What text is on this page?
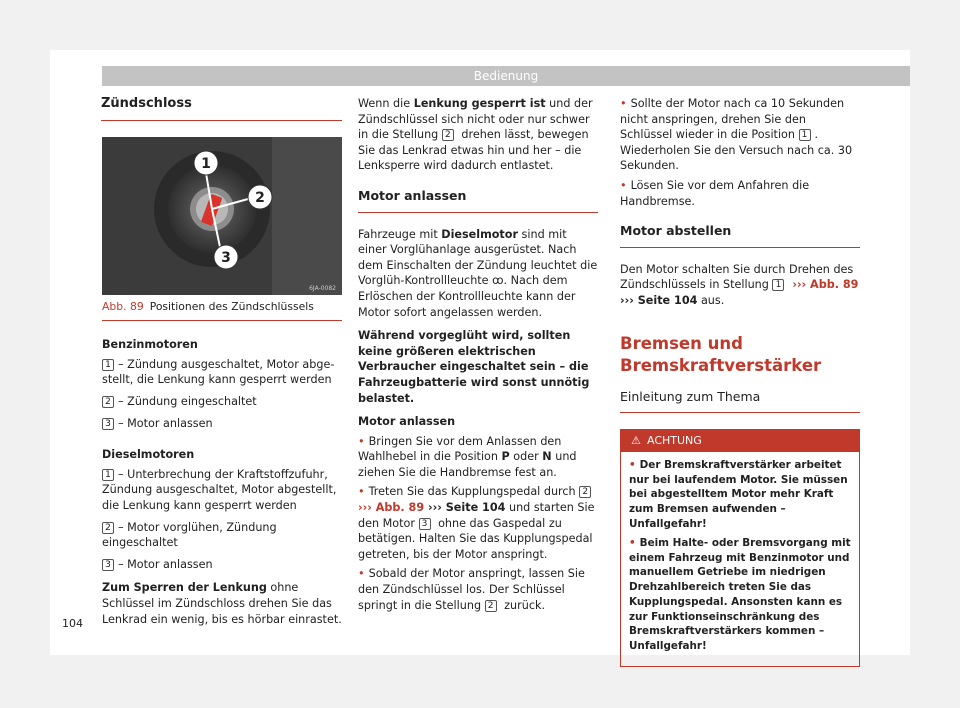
Bedienung
Zündschloss
1
2
3
6JA-0082
Abb. 89 Positionen des Zündschlüssels
Benzinmotoren
1 – Zündung ausgeschaltet, Motor abgestellt, die Lenkung kann gesperrt werden
2 – Zündung eingeschaltet
3 – Motor anlassen
Dieselmotoren
1 – Unterbrechung der Kraftstoffzufuhr, Zündung ausgeschaltet, Motor abgestellt, die Lenkung kann gesperrt werden
2 – Motor vorglühen, Zündung eingeschaltet
3 – Motor anlassen

Zum Sperren der Lenkung ohne Schlüssel im Zündschloss drehen Sie das Lenkrad ein wenig, bis es hörbar einrastet.

Wenn die Lenkung gesperrt ist und der Zündschlüssel sich nicht oder nur schwer in die Stellung 2 drehen lässt, bewegen Sie das Lenkrad etwas hin und her – die Lenksperre wird dadurch entlastet.

Motor anlassen

Fahrzeuge mit Dieselmotor sind mit einer Vorglühanlage ausgerüstet. Nach dem Einschalten der Zündung leuchtet die Vorglüh-Kontrollleuchte ꝏ. Nach dem Erlöschen der Kontrollleuchte kann der Motor sofort angelassen werden.

Während vorgeglüht wird, sollten keine größeren elektrischen Verbraucher eingeschaltet sein – die Fahrzeugbatterie wird sonst unnötig belastet.

Motor anlassen
• Bringen Sie vor dem Anlassen den Wahlhebel in die Position P oder N und ziehen Sie die Handbremse fest an.
• Treten Sie das Kupplungspedal durch 2
››› Abb. 89 ››› Seite 104 und starten Sie den Motor 3 ohne das Gaspedal zu betätigen. Halten Sie das Kupplungspedal getreten, bis der Motor anspringt.
• Sobald der Motor anspringt, lassen Sie den Zündschlüssel los. Der Schlüssel springt in die Stellung 2 zurück.
• Sollte der Motor nach ca 10 Sekunden nicht anspringen, drehen Sie den Schlüssel wieder in die Position 1 . Wiederholen Sie den Versuch nach ca. 30 Sekunden.
• Lösen Sie vor dem Anfahren die Handbremse.
Motor abstellen

Den Motor schalten Sie durch Drehen des Zündschlüssels in Stellung 1 ››› Abb. 89
››› Seite 104 aus.

Bremsen und Bremskraftverstärker
Einleitung zum Thema
⚠ ACHTUNG
• Der Bremskraftverstärker arbeitet nur bei laufendem Motor. Sie müssen bei abgestelltem Motor mehr Kraft zum Bremsen aufwenden – Unfallgefahr!
• Beim Halte- oder Bremsvorgang mit einem Fahrzeug mit Benzinmotor und manuellem Getriebe im niedrigen Drehzahlbereich treten Sie das Kupplungspedal. Ansonsten kann es zur Funktionseinschränkung des Bremskraftverstärkers kommen – Unfallgefahr!
104
